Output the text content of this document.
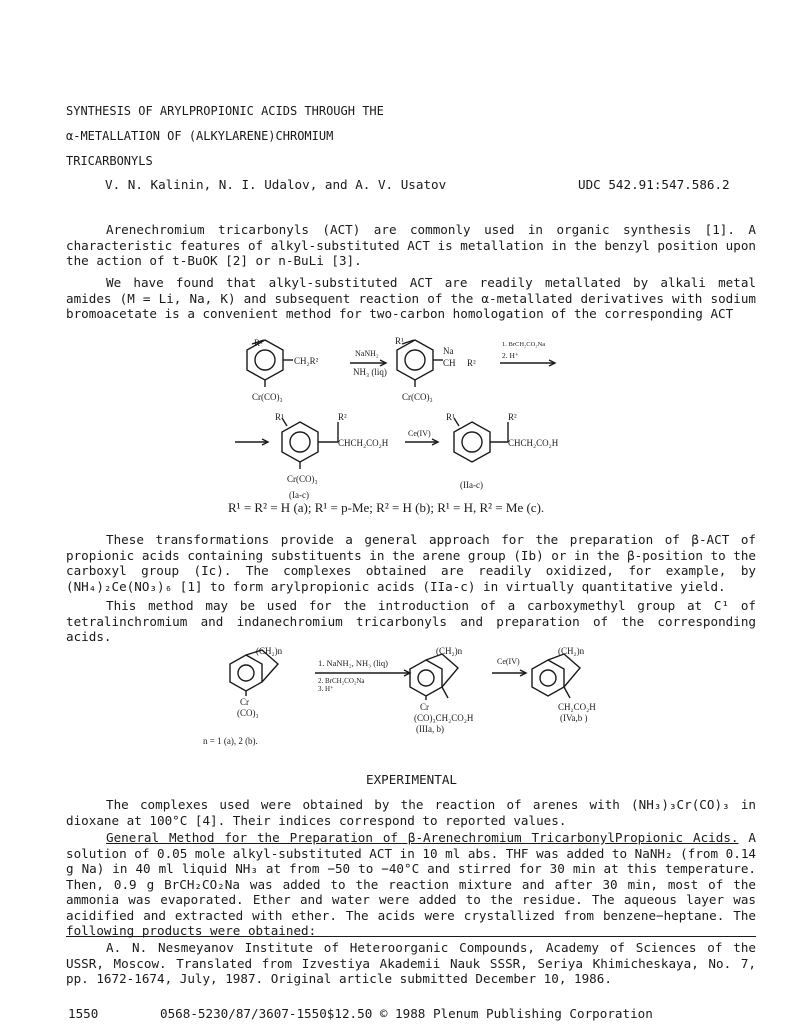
SYNTHESIS OF ARYLPROPIONIC ACIDS THROUGH THE
α-METALLATION OF (ALKYLARENE)CHROMIUM
TRICARBONYLS
V. N. Kalinin, N. I. Udalov, and A. V. Usatov	UDC 542.91:547.586.2
Arenechromium tricarbonyls (ACT) are commonly used in organic synthesis [1]. A characteristic features of alkyl-substituted ACT is metallation in the benzyl position upon the action of t-BuOK [2] or n-BuLi [3].
We have found that alkyl-substituted ACT are readily metallated by alkali metal amides (M = Li, Na, K) and subsequent reaction of the α-metallated derivatives with sodium bromoacetate is a convenient method for two-carbon homologation of the corresponding ACT
R¹
CH₂R²
NaNH₂
NH₃ (liq)
Cr(CO)₃
R¹
Na
CH R²
Cr(CO)₃
1. BrCH₂CO₂Na
2. H⁺
R¹	R²
CHCH₂CO₂H
Ce(IV)
Cr(CO)₃
(Ia-c)
R¹	R²
CHCH₂CO₂H
(IIa-c)
R¹ = R² = H (a); R¹ = p-Me; R² = H (b); R¹ = H, R² = Me (c).
These transformations provide a general approach for the preparation of β-ACT of propionic acids containing substituents in the arene group (Ib) or in the β-position to the carboxyl group (Ic). The complexes obtained are readily oxidized, for example, by (NH₄)₂Ce(NO₃)₆ [1] to form arylpropionic acids (IIa-c) in virtually quantitative yield.
This method may be used for the introduction of a carboxymethyl group at C¹ of tetralinchromium and indanechromium tricarbonyls and preparation of the corresponding acids.
(CH₂)n
1. NaNH₂, NH₃ (liq)
2. BrCH₂CO₂Na
3. H⁺
Cr
(CO)₃
(CH₂)n
Cr
(CO)₃CH₂CO₂H
(IIIa, b)
Ce(IV)
(CH₂)n
CH₂CO₂H
(IVa,b )
n = 1 (a), 2 (b).
EXPERIMENTAL
The complexes used were obtained by the reaction of arenes with (NH₃)₃Cr(CO)₃ in dioxane at 100°C [4]. Their indices correspond to reported values.
General Method for the Preparation of β-Arenechromium TricarbonylPropionic Acids. A solution of 0.05 mole alkyl-substituted ACT in 10 ml abs. THF was added to NaNH₂ (from 0.14 g Na) in 40 ml liquid NH₃ at from −50 to −40°C and stirred for 30 min at this temperature. Then, 0.9 g BrCH₂CO₂Na was added to the reaction mixture and after 30 min, most of the ammonia was evaporated. Ether and water were added to the residue. The aqueous layer was acidified and extracted with ether. The acids were crystallized from benzene−heptane. The following products were obtained:
A. N. Nesmeyanov Institute of Heteroorganic Compounds, Academy of Sciences of the USSR, Moscow. Translated from Izvestiya Akademii Nauk SSSR, Seriya Khimicheskaya, No. 7, pp. 1672-1674, July, 1987. Original article submitted December 10, 1986.
1550	0568-5230/87/3607-1550$12.50 © 1988 Plenum Publishing Corporation
